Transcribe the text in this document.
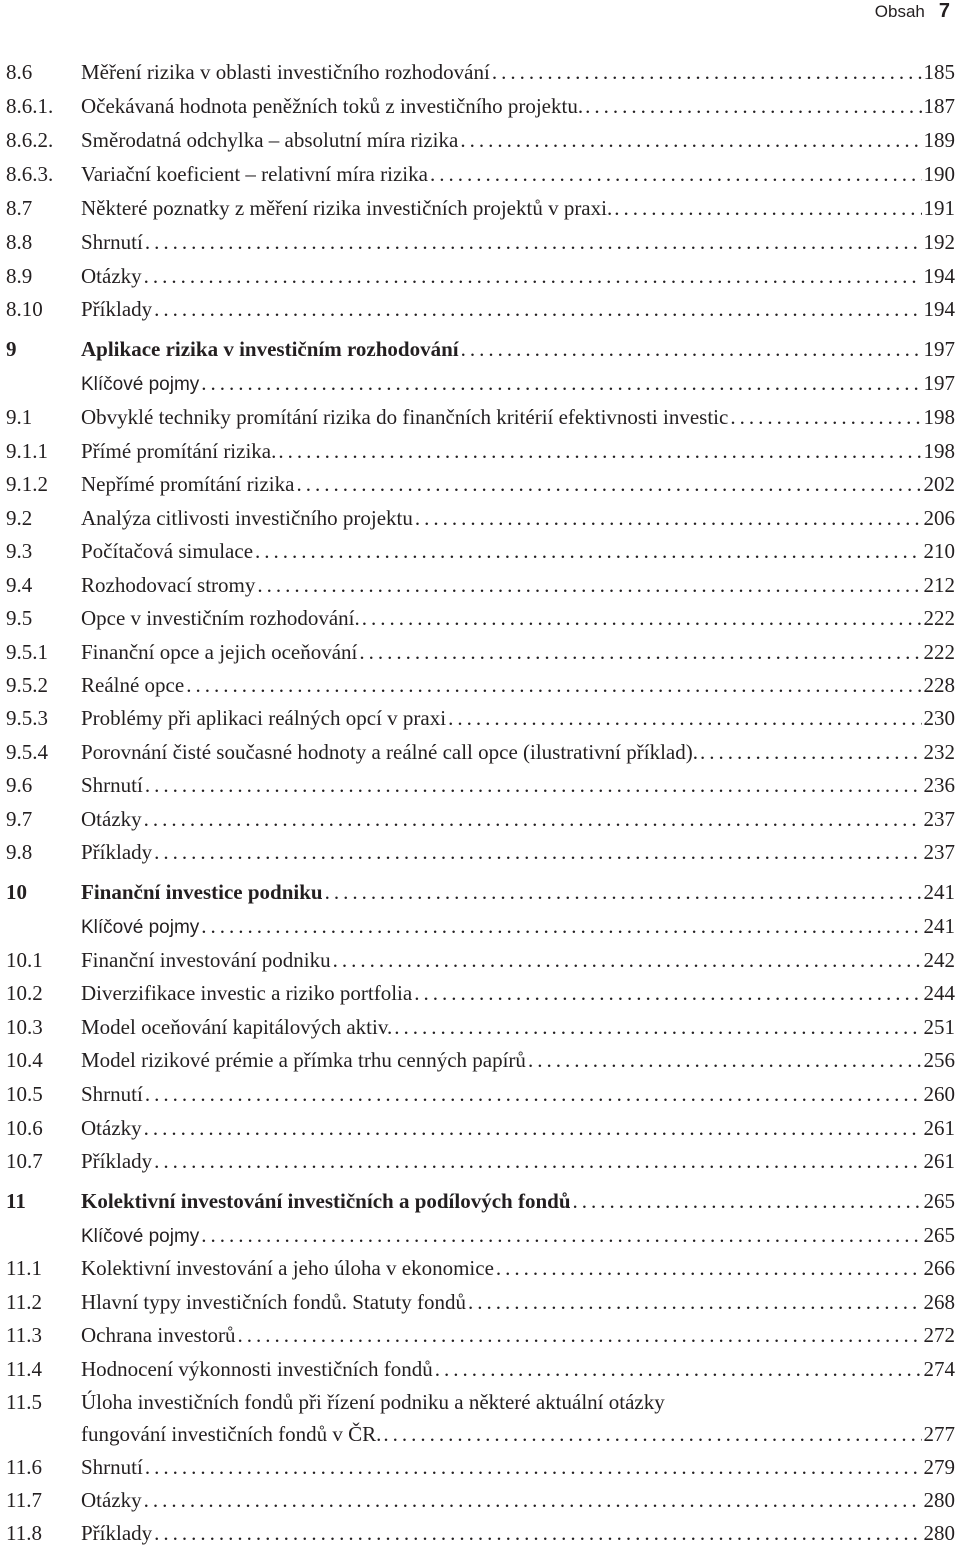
Obsah 7
8.6	Měření rizika v oblasti investičního rozhodování .....	185
8.6.1.	Očekávaná hodnota peněžních toků z investičního projektu. .....	187
8.6.2.	Směrodatná odchylka – absolutní míra rizika .....	189
8.6.3.	Variační koeficient – relativní míra rizika .....	190
8.7	Některé poznatky z měření rizika investičních projektů v praxi. .....	191
8.8	Shrnutí .....	192
8.9	Otázky .....	194
8.10	Příklady .....	194
9	Aplikace rizika v investičním rozhodování .....	197
Klíčové pojmy .....	197
9.1	Obvyklé techniky promítání rizika do finančních kritérií efektivnosti investic .....	198
9.1.1	Přímé promítání rizika. .....	198
9.1.2	Nepřímé promítání rizika .....	202
9.2	Analýza citlivosti investičního projektu .....	206
9.3	Počítačová simulace .....	210
9.4	Rozhodovací stromy .....	212
9.5	Opce v investičním rozhodování. .....	222
9.5.1	Finanční opce a jejich oceňování .....	222
9.5.2	Reálné opce .....	228
9.5.3	Problémy při aplikaci reálných opcí v praxi .....	230
9.5.4	Porovnání čisté současné hodnoty a reálné call opce (ilustrativní příklad). .....	232
9.6	Shrnutí .....	236
9.7	Otázky .....	237
9.8	Příklady .....	237
10	Finanční investice podniku .....	241
Klíčové pojmy .....	241
10.1	Finanční investování podniku .....	242
10.2	Diverzifikace investic a riziko portfolia .....	244
10.3	Model oceňování kapitálových aktiv. .....	251
10.4	Model rizikové prémie a přímka trhu cenných papírů .....	256
10.5	Shrnutí .....	260
10.6	Otázky .....	261
10.7	Příklady .....	261
11	Kolektivní investování investičních a podílových fondů .....	265
Klíčové pojmy .....	265
11.1	Kolektivní investování a jeho úloha v ekonomice .....	266
11.2	Hlavní typy investičních fondů. Statuty fondů .....	268
11.3	Ochrana investorů .....	272
11.4	Hodnocení výkonnosti investičních fondů .....	274
11.5	Úloha investičních fondů při řízení podniku a některé aktuální otázky
fungování investičních fondů v ČR. .....	277
11.6	Shrnutí .....	279
11.7	Otázky .....	280
11.8	Příklady .....	280
